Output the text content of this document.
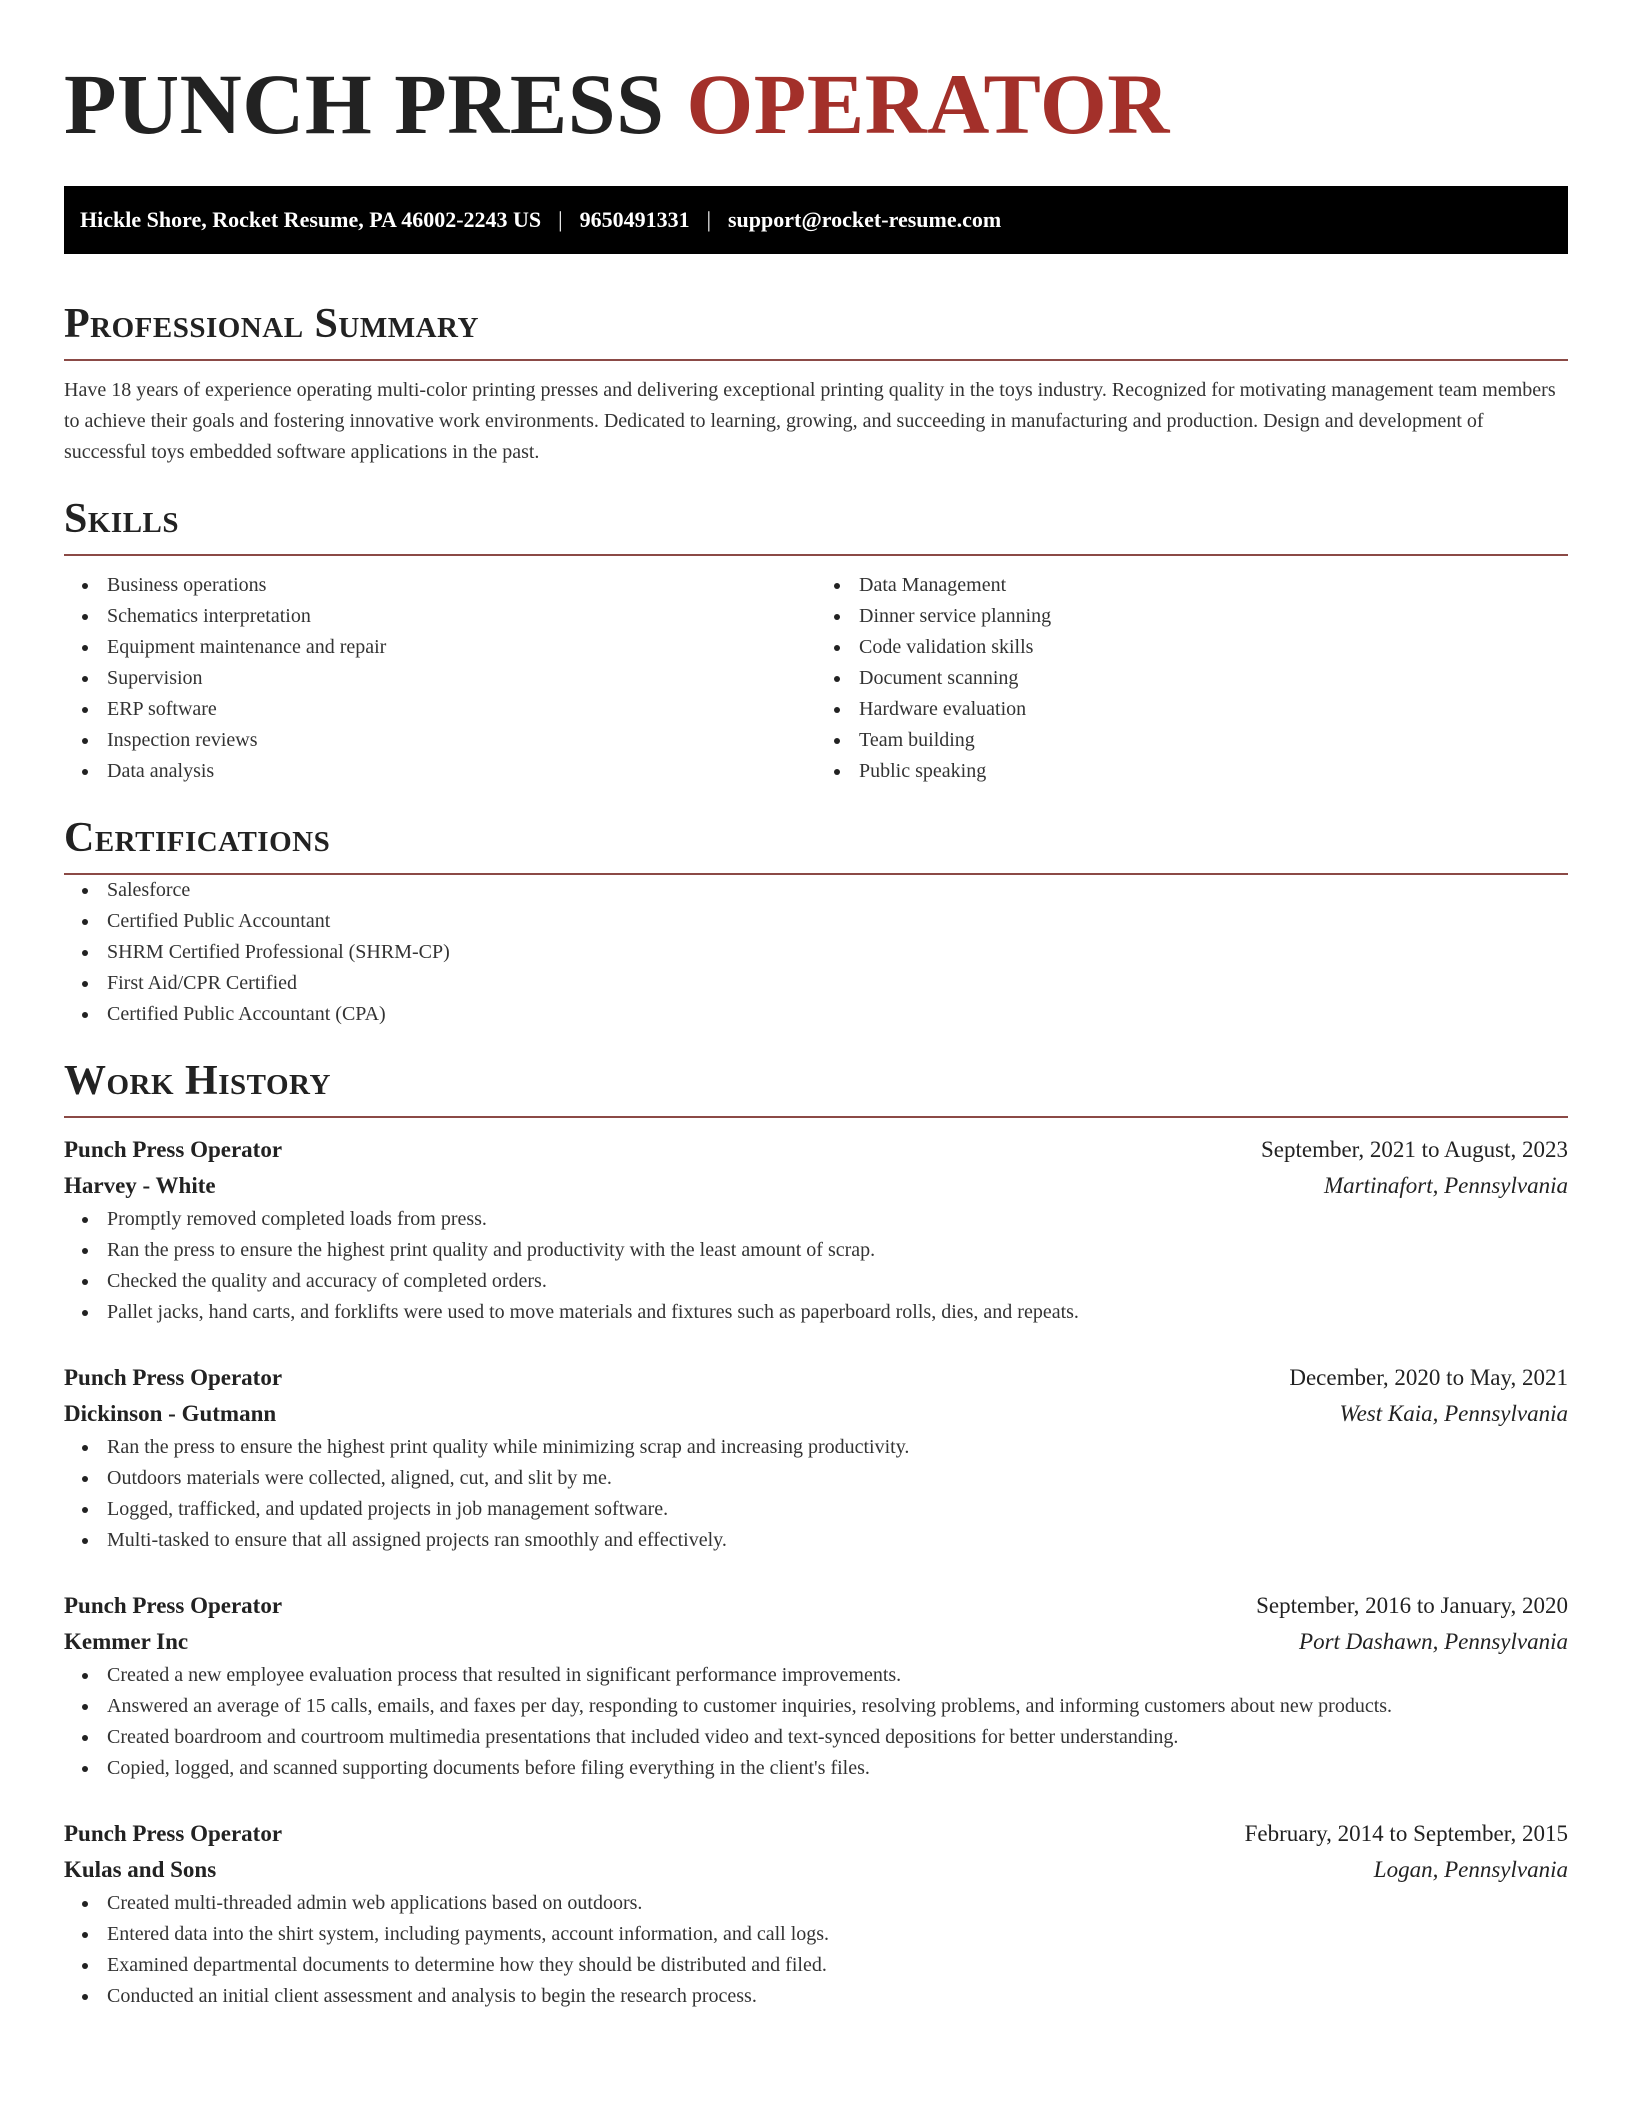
PUNCH PRESS OPERATOR
Hickle Shore, Rocket Resume, PA 46002-2243 US | 9650491331 | support@rocket-resume.com
Professional Summary

Have 18 years of experience operating multi-color printing presses and delivering exceptional printing quality in the toys industry. Recognized for motivating management team members to achieve their goals and fostering innovative work environments. Dedicated to learning, growing, and succeeding in manufacturing and production. Design and development of successful toys embedded software applications in the past.

Skills
Business operations
Schematics interpretation
Equipment maintenance and repair
Supervision
ERP software
Inspection reviews
Data analysis
Data Management
Dinner service planning
Code validation skills
Document scanning
Hardware evaluation
Team building
Public speaking
Certifications
Salesforce
Certified Public Accountant
SHRM Certified Professional (SHRM-CP)
First Aid/CPR Certified
Certified Public Accountant (CPA)
Work History
Punch Press Operator	September, 2021 to August, 2023
Harvey - White	Martinafort, Pennsylvania
Promptly removed completed loads from press.
Ran the press to ensure the highest print quality and productivity with the least amount of scrap.
Checked the quality and accuracy of completed orders.
Pallet jacks, hand carts, and forklifts were used to move materials and fixtures such as paperboard rolls, dies, and repeats.
Punch Press Operator	December, 2020 to May, 2021
Dickinson - Gutmann	West Kaia, Pennsylvania
Ran the press to ensure the highest print quality while minimizing scrap and increasing productivity.
Outdoors materials were collected, aligned, cut, and slit by me.
Logged, trafficked, and updated projects in job management software.
Multi-tasked to ensure that all assigned projects ran smoothly and effectively.
Punch Press Operator	September, 2016 to January, 2020
Kemmer Inc	Port Dashawn, Pennsylvania
Created a new employee evaluation process that resulted in significant performance improvements.
Answered an average of 15 calls, emails, and faxes per day, responding to customer inquiries, resolving problems, and informing customers about new products.
Created boardroom and courtroom multimedia presentations that included video and text-synced depositions for better understanding.
Copied, logged, and scanned supporting documents before filing everything in the client's files.
Punch Press Operator	February, 2014 to September, 2015
Kulas and Sons	Logan, Pennsylvania
Created multi-threaded admin web applications based on outdoors.
Entered data into the shirt system, including payments, account information, and call logs.
Examined departmental documents to determine how they should be distributed and filed.
Conducted an initial client assessment and analysis to begin the research process.
